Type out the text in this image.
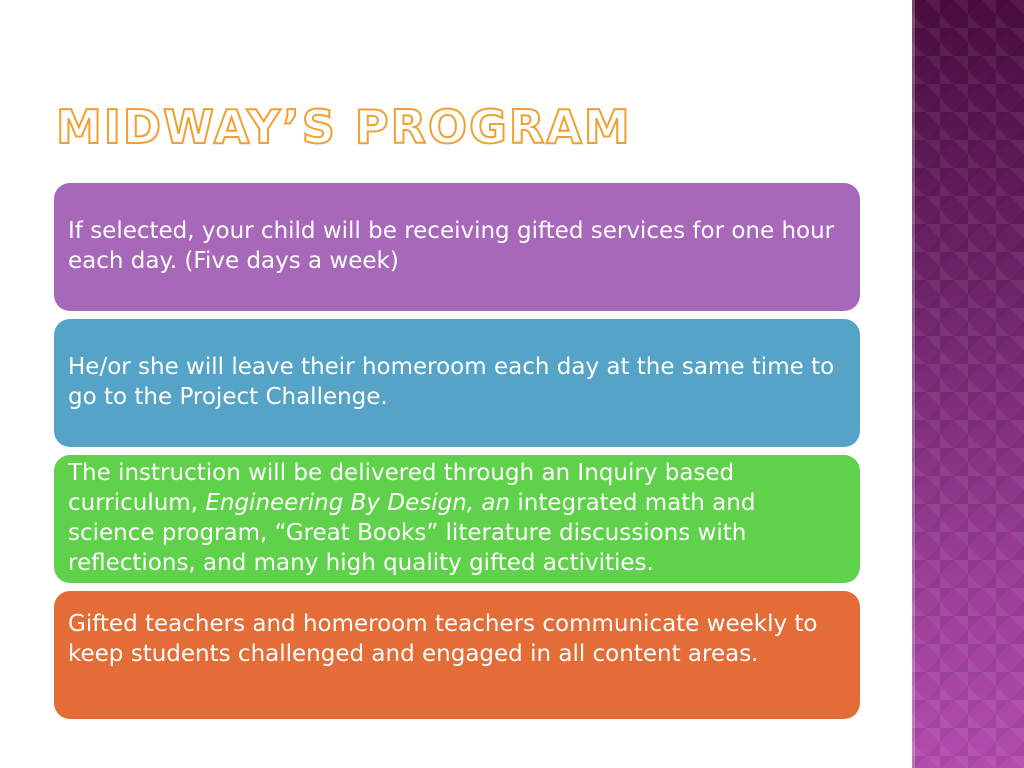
MIDWAY’S PROGRAM

If selected, your child will be receiving gifted services for one hour each day. (Five days a week)

He/or she will leave their homeroom each day at the same time to go to the Project Challenge.

The instruction will be delivered through an Inquiry based curriculum, Engineering By Design, an integrated math and science program, “Great Books” literature discussions with reflections, and many high quality gifted activities.

Gifted teachers and homeroom teachers communicate weekly to keep students challenged and engaged in all content areas.
